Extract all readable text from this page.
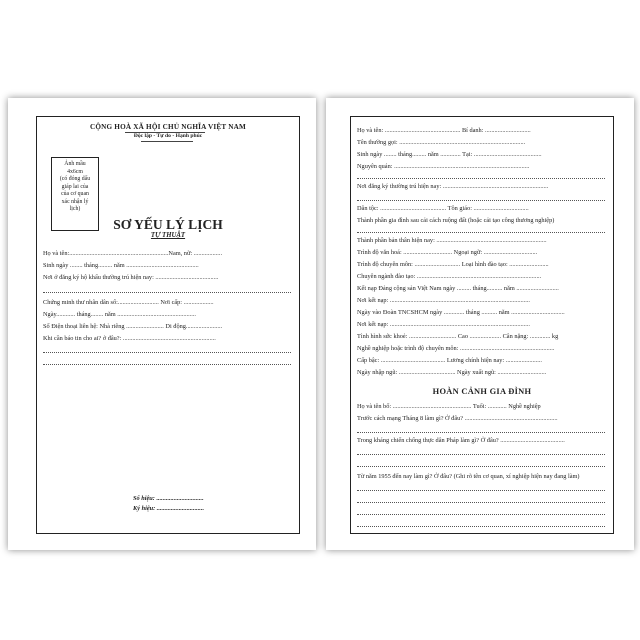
CỘNG HOÀ XÃ HỘI CHỦ NGHĨA VIỆT NAM
Độc lập - Tự do - Hạnh phúc
Ảnh mầu
4x6cm
(có đóng dấu
giáp lai của
của cơ quan
xác nhận lý
lịch)
SƠ YẾU LÝ LỊCH
TỰ THUẬT
Họ và tên:...............................................................Nam, nữ: ..................
Sinh ngày ........ tháng......... năm ..............................................
Nơi ở đăng ký hộ khẩu thường trú hiện nay: ........................................
Chứng minh thư nhân dân số:.......................... Nơi cấp: ...................
Ngày............ tháng........ năm ..................................................
Số Điện thoại liên hệ: Nhà riêng ........................ Di động.......................
Khi cần báo tin cho ai? ở đâu?: ...........................................................
Số hiệu: ..............................
Ký hiệu: ..............................
Họ và tên: ................................................ Bí danh: .............................
Tên thường gọi: ................................................................................
Sinh ngày ........ tháng......... năm ............. Tại: ...........................................
Nguyên quán: ......................................................................................
Nơi đăng ký thường trú hiện nay: ...................................................................
Dân tộc: .......................................... Tôn giáo: ...................................
Thành phần gia đình sau cải cách ruộng đất (hoặc cải tạo công thương nghiệp)
Thành phần bản thân hiện nay: ......................................................................
Trình độ văn hoá: ............................... Ngoại ngữ: ..................................
Trình độ chuyên môn: ............................. Loại hình đào tạo: .........................
Chuyên ngành đào tạo: ...............................................................................
Kết nạp Đảng cộng sản Việt Nam ngày ......... tháng.......... năm ...........................
Nơi kết nạp: .........................................................................................
Ngày vào Đoàn TNCSHCM ngày ............. tháng .......... năm ..................................
Nơi kết nạp: .........................................................................................
Tình hình sức khoẻ: .............................. Cao .................... Cân nặng: ............. kg
Nghề nghiệp hoặc trình độ chuyên môn: ............................................................
Cấp bậc: ......................................... Lương chính hiện nay: .......................
Ngày nhập ngũ: .................................... Ngày xuất ngũ: ...............................
HOÀN CẢNH GIA ĐÌNH
Họ và tên bố: .................................................. Tuổi: ............ Nghề nghiệp
Trước cách mạng Tháng 8 làm gì? Ở đâu? ...........................................................
Trong kháng chiến chống thực dân Pháp làm gì? Ở đâu? .........................................
Từ năm 1955 đến nay làm gì? Ở đâu? (Ghi rõ tên cơ quan, xí nghiệp hiện nay đang làm)
